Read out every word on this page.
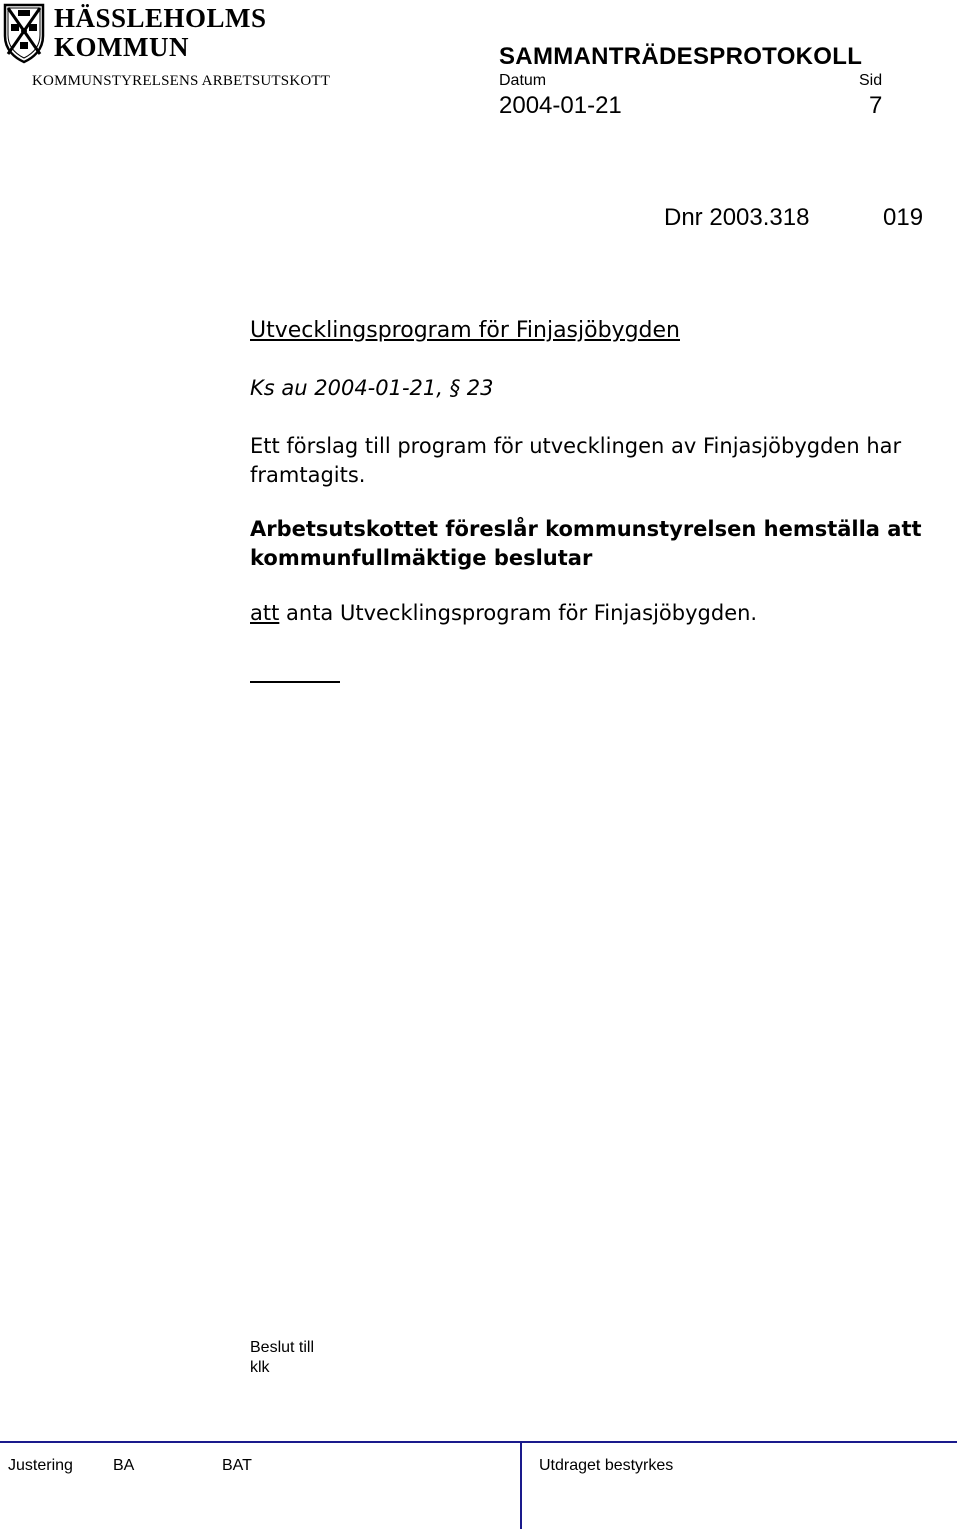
HÄSSLEHOLMS
KOMMUN
KOMMUNSTYRELSENS ARBETSUTSKOTT
SAMMANTRÄDESPROTOKOLL
Datum	Sid
2004-01-21	7
Dnr 2003.318	019
Utvecklingsprogram för Finjasjöbygden
Ks au 2004-01-21, § 23
Ett förslag till program för utvecklingen av Finjasjöbygden har framtagits.
Arbetsutskottet föreslår kommunstyrelsen hemställa att kommunfullmäktige beslutar
att anta Utvecklingsprogram för Finjasjöbygden.
Beslut till
klk
Justering	BA	BAT	Utdraget bestyrkes
